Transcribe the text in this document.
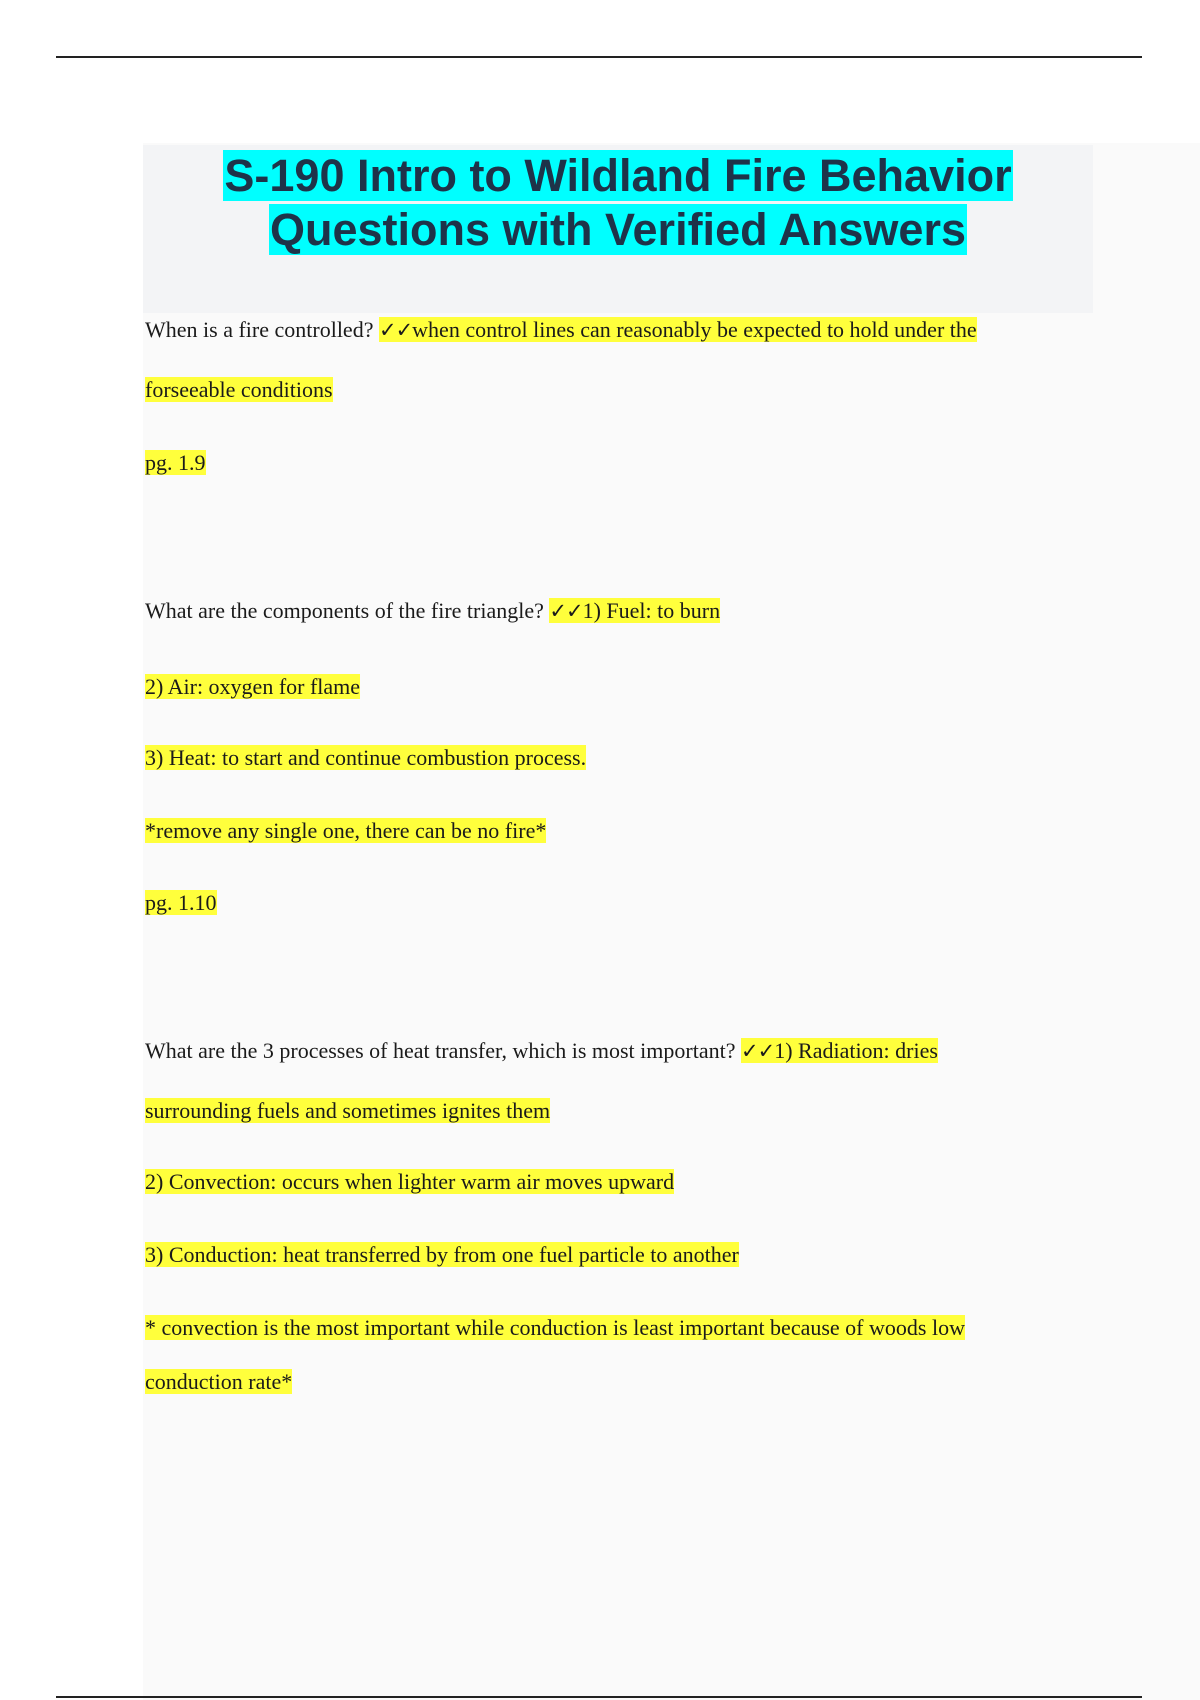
S-190 Intro to Wildland Fire Behavior
Questions with Verified Answers
When is a fire controlled? ✓✓when control lines can reasonably be expected to hold under the
forseeable conditions
pg. 1.9
What are the components of the fire triangle? ✓✓1) Fuel: to burn
2) Air: oxygen for flame
3) Heat: to start and continue combustion process.
*remove any single one, there can be no fire*
pg. 1.10
What are the 3 processes of heat transfer, which is most important? ✓✓1) Radiation: dries
surrounding fuels and sometimes ignites them
2) Convection: occurs when lighter warm air moves upward
3) Conduction: heat transferred by from one fuel particle to another
* convection is the most important while conduction is least important because of woods low
conduction rate*
